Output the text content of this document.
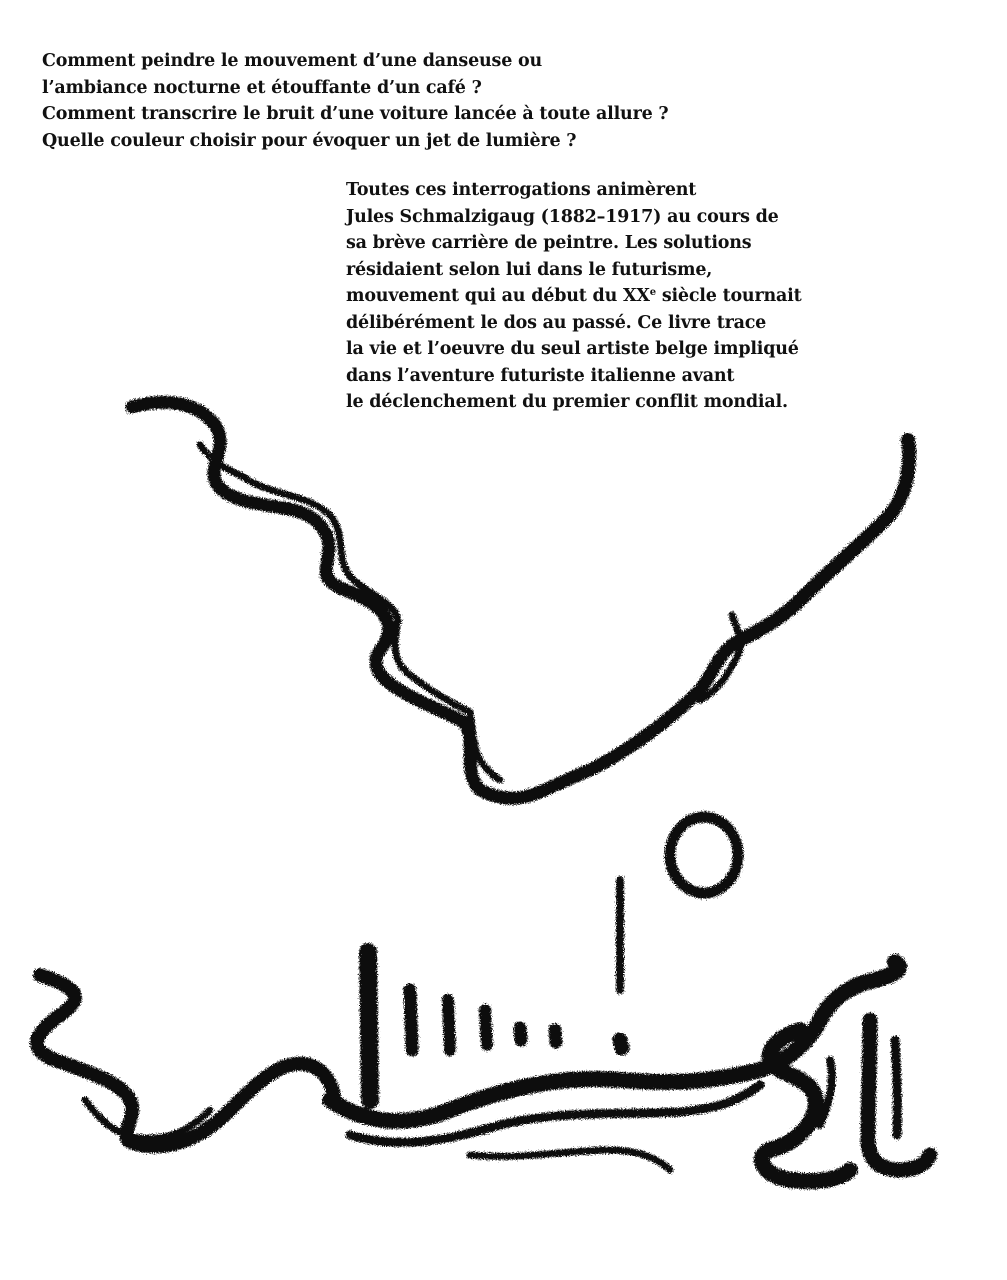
Comment peindre le mouvement d’une danseuse ou
l’ambiance nocturne et étouffante d’un café ?
Comment transcrire le bruit d’une voiture lancée à toute allure ?
Quelle couleur choisir pour évoquer un jet de lumière ?
Toutes ces interrogations animèrent
Jules Schmalzigaug (1882–1917) au cours de
sa brève carrière de peintre. Les solutions
résidaient selon lui dans le futurisme,
mouvement qui au début du XXe siècle tournait
délibérément le dos au passé. Ce livre trace
la vie et l’oeuvre du seul artiste belge impliqué
dans l’aventure futuriste italienne avant
le déclenchement du premier conflit mondial.
